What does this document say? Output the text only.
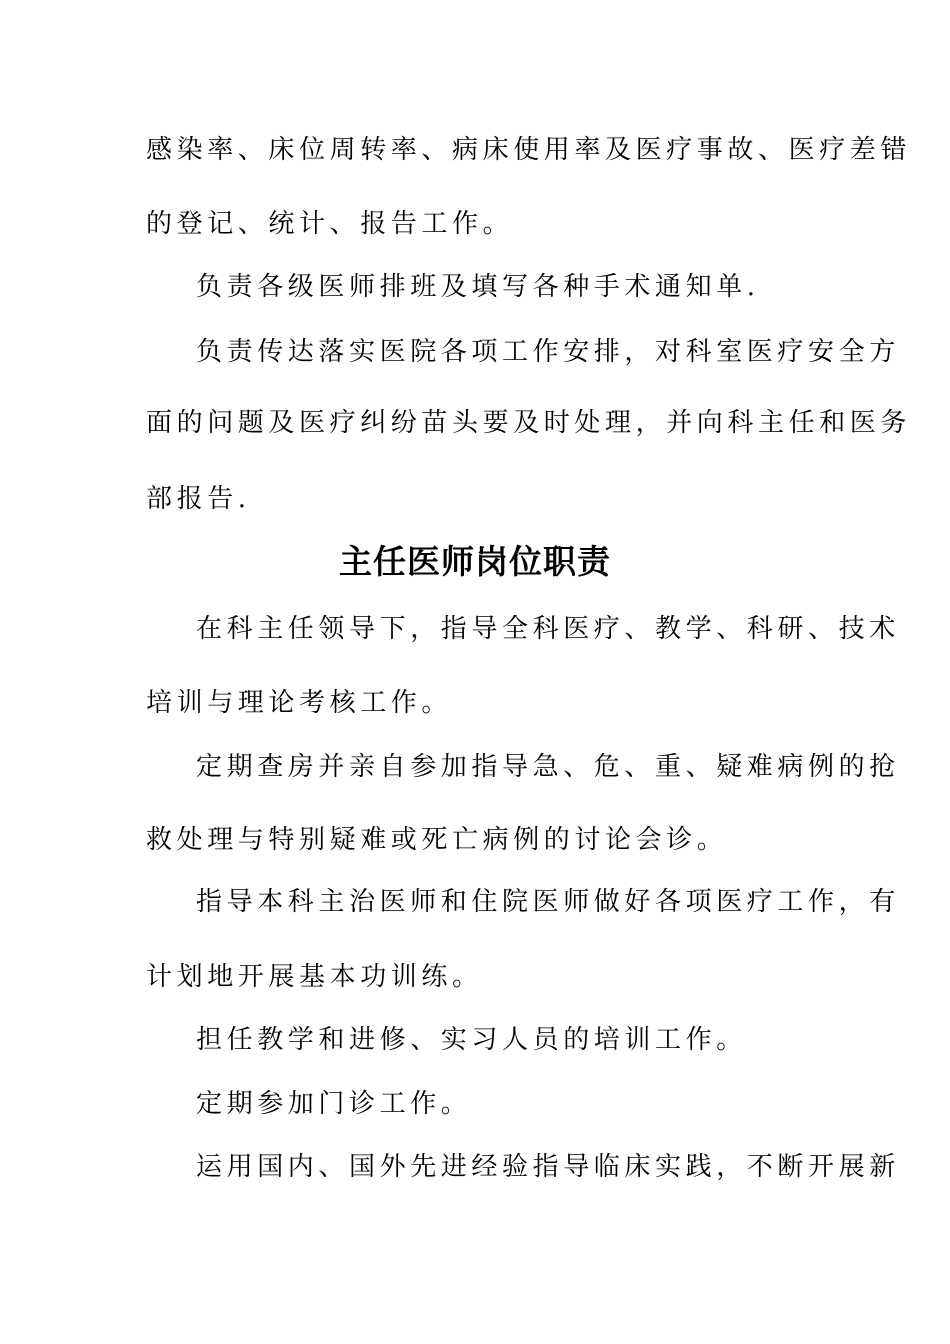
感染率、床位周转率、病床使用率及医疗事故、医疗差错
的登记、统计、报告工作。
负责各级医师排班及填写各种手术通知单.
负责传达落实医院各项工作安排，对科室医疗安全方
面的问题及医疗纠纷苗头要及时处理，并向科主任和医务
部报告.
主任医师岗位职责
在科主任领导下，指导全科医疗、教学、科研、技术
培训与理论考核工作。
定期查房并亲自参加指导急、危、重、疑难病例的抢
救处理与特别疑难或死亡病例的讨论会诊。
指导本科主治医师和住院医师做好各项医疗工作，有
计划地开展基本功训练。
担任教学和进修、实习人员的培训工作。
定期参加门诊工作。
运用国内、国外先进经验指导临床实践，不断开展新
